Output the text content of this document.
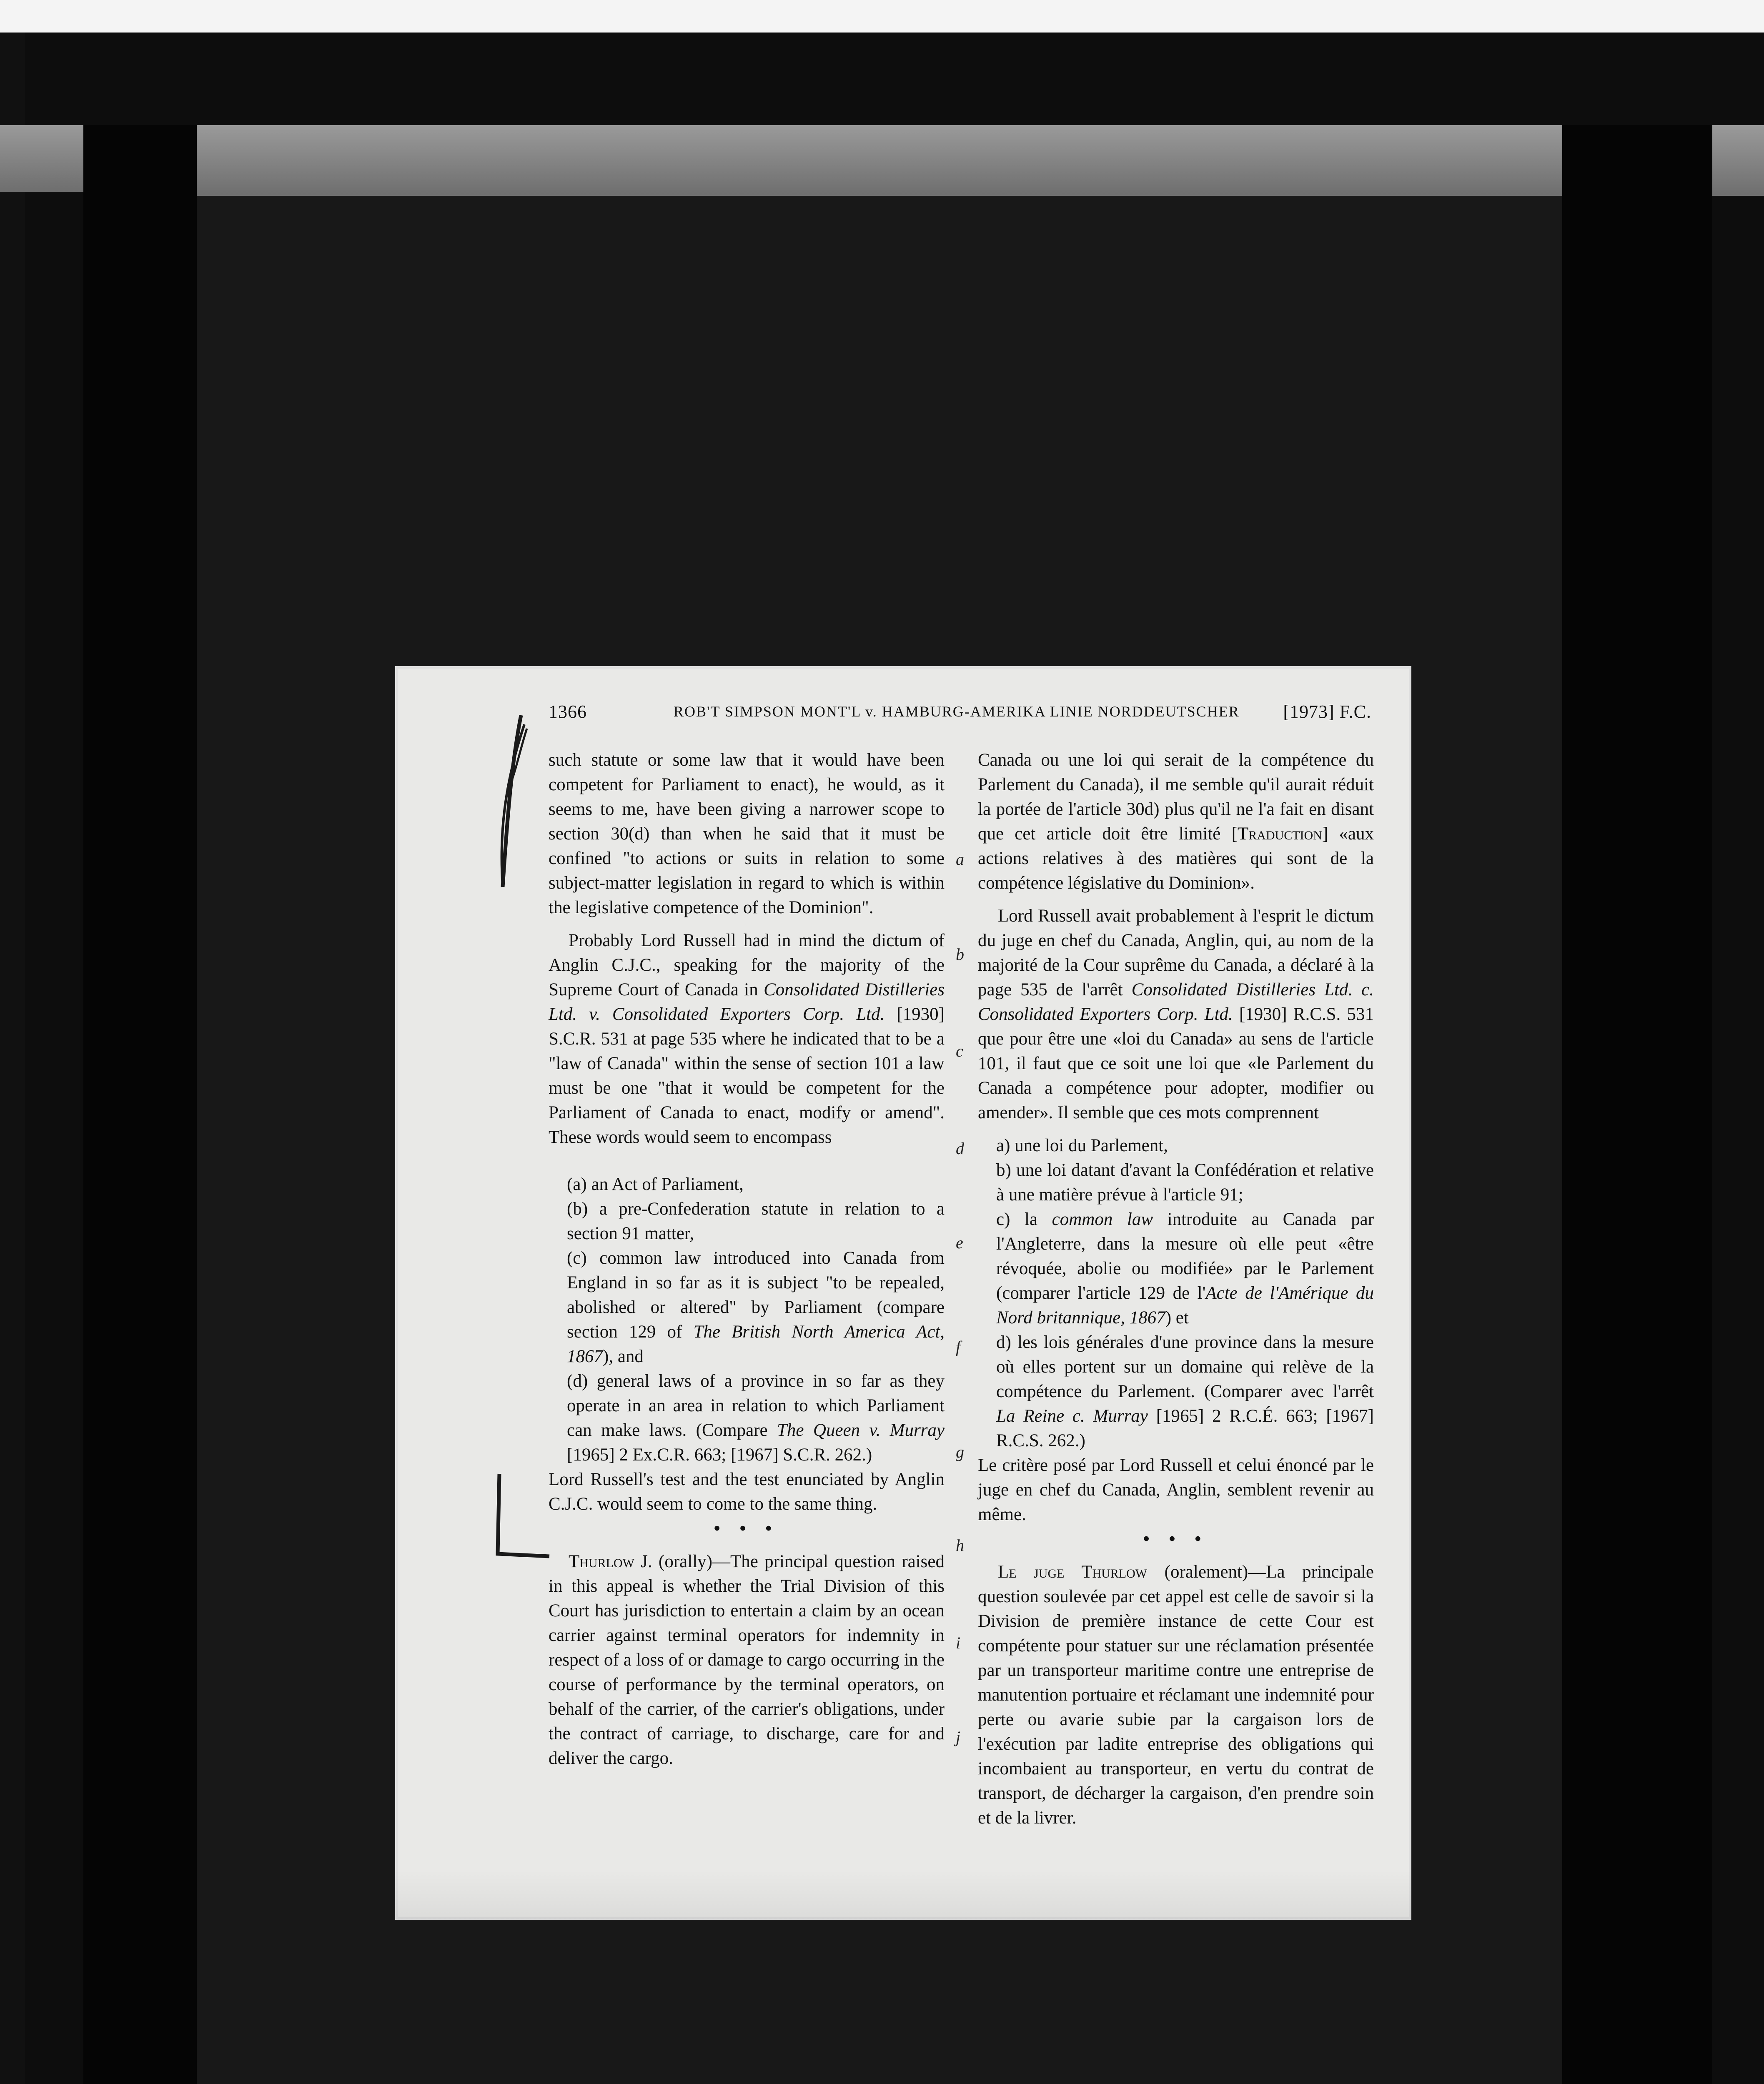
1366	ROB'T SIMPSON MONT'L v. HAMBURG-AMERIKA LINIE NORDDEUTSCHER [1973] F.C.
a
b
c
d
e
f
g
h
i
j

such statute or some law that it would have been competent for Parliament to enact), he would, as it seems to me, have been giving a narrower scope to section 30(d) than when he said that it must be confined "to actions or suits in relation to some subject-matter legislation in regard to which is within the legislative competence of the Dominion".

Probably Lord Russell had in mind the dictum of Anglin C.J.C., speaking for the majority of the Supreme Court of Canada in Consolidated Distilleries Ltd. v. Consolidated Exporters Corp. Ltd. [1930] S.C.R. 531 at page 535 where he indicated that to be a "law of Canada" within the sense of section 101 a law must be one "that it would be competent for the Parliament of Canada to enact, modify or amend". These words would seem to encompass

(a) an Act of Parliament,

(b) a pre-Confederation statute in relation to a section 91 matter,

(c) common law introduced into Canada from England in so far as it is subject "to be repealed, abolished or altered" by Parliament (compare section 129 of The British North America Act, 1867), and

(d) general laws of a province in so far as they operate in an area in relation to which Parliament can make laws. (Compare The Queen v. Murray [1965] 2 Ex.C.R. 663; [1967] S.C.R. 262.)

Lord Russell's test and the test enunciated by Anglin C.J.C. would seem to come to the same thing.

• • •

Thurlow J. (orally)—The principal question raised in this appeal is whether the Trial Division of this Court has jurisdiction to entertain a claim by an ocean carrier against terminal operators for indemnity in respect of a loss of or damage to cargo occurring in the course of performance by the terminal operators, on behalf of the carrier, of the carrier's obligations, under the contract of carriage, to discharge, care for and deliver the cargo.

Canada ou une loi qui serait de la compétence du Parlement du Canada), il me semble qu'il aurait réduit la portée de l'article 30d) plus qu'il ne l'a fait en disant que cet article doit être limité [Traduction] «aux actions relatives à des matières qui sont de la compétence législative du Dominion».

Lord Russell avait probablement à l'esprit le dictum du juge en chef du Canada, Anglin, qui, au nom de la majorité de la Cour suprême du Canada, a déclaré à la page 535 de l'arrêt Consolidated Distilleries Ltd. c. Consolidated Exporters Corp. Ltd. [1930] R.C.S. 531 que pour être une «loi du Canada» au sens de l'article 101, il faut que ce soit une loi que «le Parlement du Canada a compétence pour adopter, modifier ou amender». Il semble que ces mots comprennent

a) une loi du Parlement,

b) une loi datant d'avant la Confédération et relative à une matière prévue à l'article 91;

c) la common law introduite au Canada par l'Angleterre, dans la mesure où elle peut «être révoquée, abolie ou modifiée» par le Parlement (comparer l'article 129 de l'Acte de l'Amérique du Nord britannique, 1867) et

d) les lois générales d'une province dans la mesure où elles portent sur un domaine qui relève de la compétence du Parlement. (Comparer avec l'arrêt La Reine c. Murray [1965] 2 R.C.É. 663; [1967] R.C.S. 262.)

Le critère posé par Lord Russell et celui énoncé par le juge en chef du Canada, Anglin, semblent revenir au même.

• • •

Le juge Thurlow (oralement)—La principale question soulevée par cet appel est celle de savoir si la Division de première instance de cette Cour est compétente pour statuer sur une réclamation présentée par un transporteur maritime contre une entreprise de manutention portuaire et réclamant une indemnité pour perte ou avarie subie par la cargaison lors de l'exécution par ladite entreprise des obligations qui incombaient au transporteur, en vertu du contrat de transport, de décharger la cargaison, d'en prendre soin et de la livrer.
